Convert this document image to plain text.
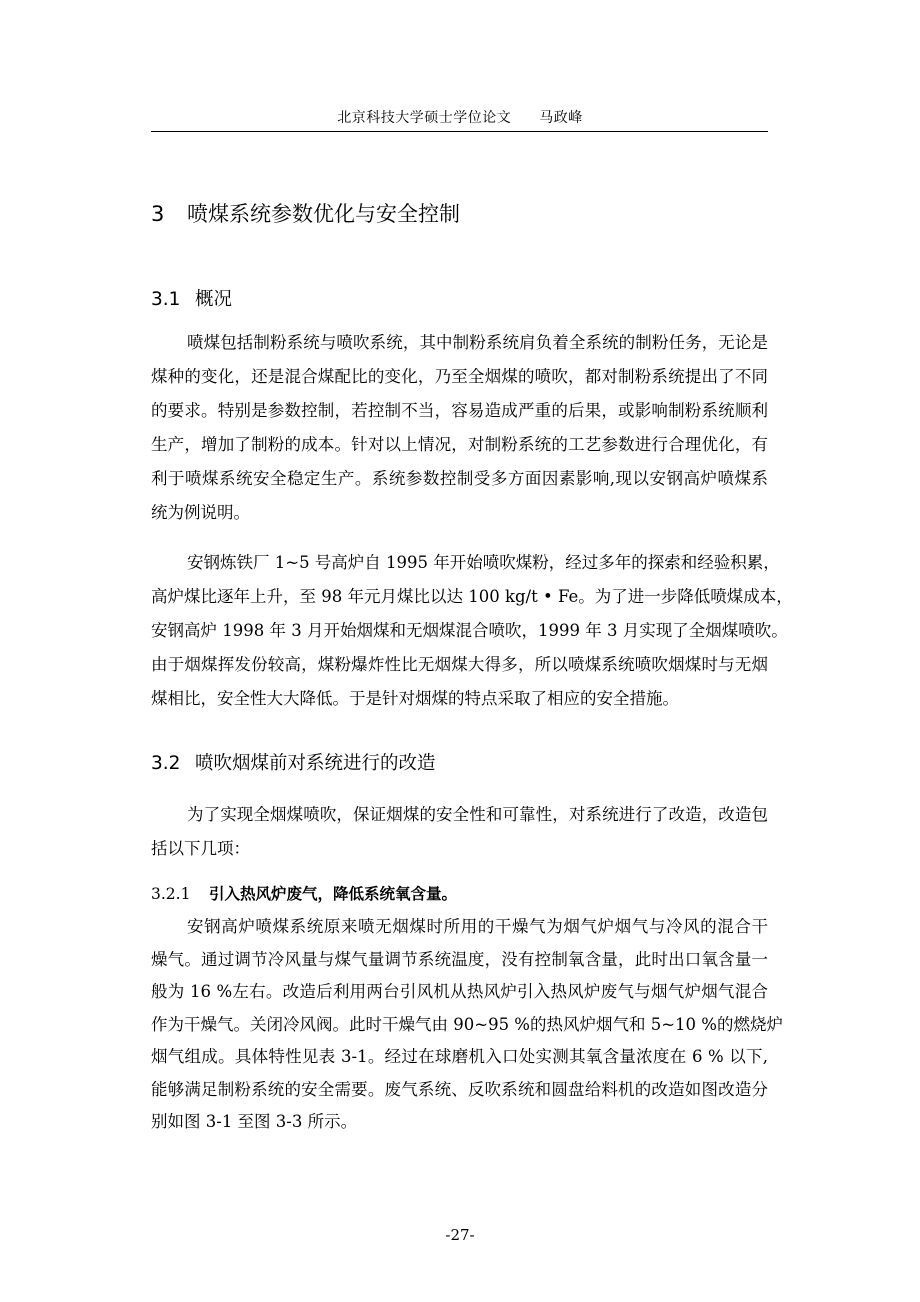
北京科技大学硕士学位论文 马政峰
3 喷煤系统参数优化与安全控制
3.1 概况
喷煤包括制粉系统与喷吹系统，其中制粉系统肩负着全系统的制粉任务，无论是
煤种的变化，还是混合煤配比的变化，乃至全烟煤的喷吹，都对制粉系统提出了不同
的要求。特别是参数控制，若控制不当，容易造成严重的后果，或影响制粉系统顺利
生产，增加了制粉的成本。针对以上情况，对制粉系统的工艺参数进行合理优化，有
利于喷煤系统安全稳定生产。系统参数控制受多方面因素影响,现以安钢高炉喷煤系
统为例说明。
安钢炼铁厂 1~5 号高炉自 1995 年开始喷吹煤粉，经过多年的探索和经验积累，
高炉煤比逐年上升，至 98 年元月煤比以达 100 kg/t • Fe。为了进一步降低喷煤成本，
安钢高炉 1998 年 3 月开始烟煤和无烟煤混合喷吹，1999 年 3 月实现了全烟煤喷吹。
由于烟煤挥发份较高，煤粉爆炸性比无烟煤大得多，所以喷煤系统喷吹烟煤时与无烟
煤相比，安全性大大降低。于是针对烟煤的特点采取了相应的安全措施。
3.2 喷吹烟煤前对系统进行的改造
为了实现全烟煤喷吹，保证烟煤的安全性和可靠性，对系统进行了改造，改造包
括以下几项：
3.2.1 引入热风炉废气，降低系统氧含量。
安钢高炉喷煤系统原来喷无烟煤时所用的干燥气为烟气炉烟气与冷风的混合干
燥气。通过调节冷风量与煤气量调节系统温度，没有控制氧含量，此时出口氧含量一
般为 16 %左右。改造后利用两台引风机从热风炉引入热风炉废气与烟气炉烟气混合
作为干燥气。关闭冷风阀。此时干燥气由 90~95 %的热风炉烟气和 5~10 %的燃烧炉
烟气组成。具体特性见表 3-1。经过在球磨机入口处实测其氧含量浓度在 6 % 以下,
能够满足制粉系统的安全需要。废气系统、反吹系统和圆盘给料机的改造如图改造分
别如图 3-1 至图 3-3 所示。
-27-
